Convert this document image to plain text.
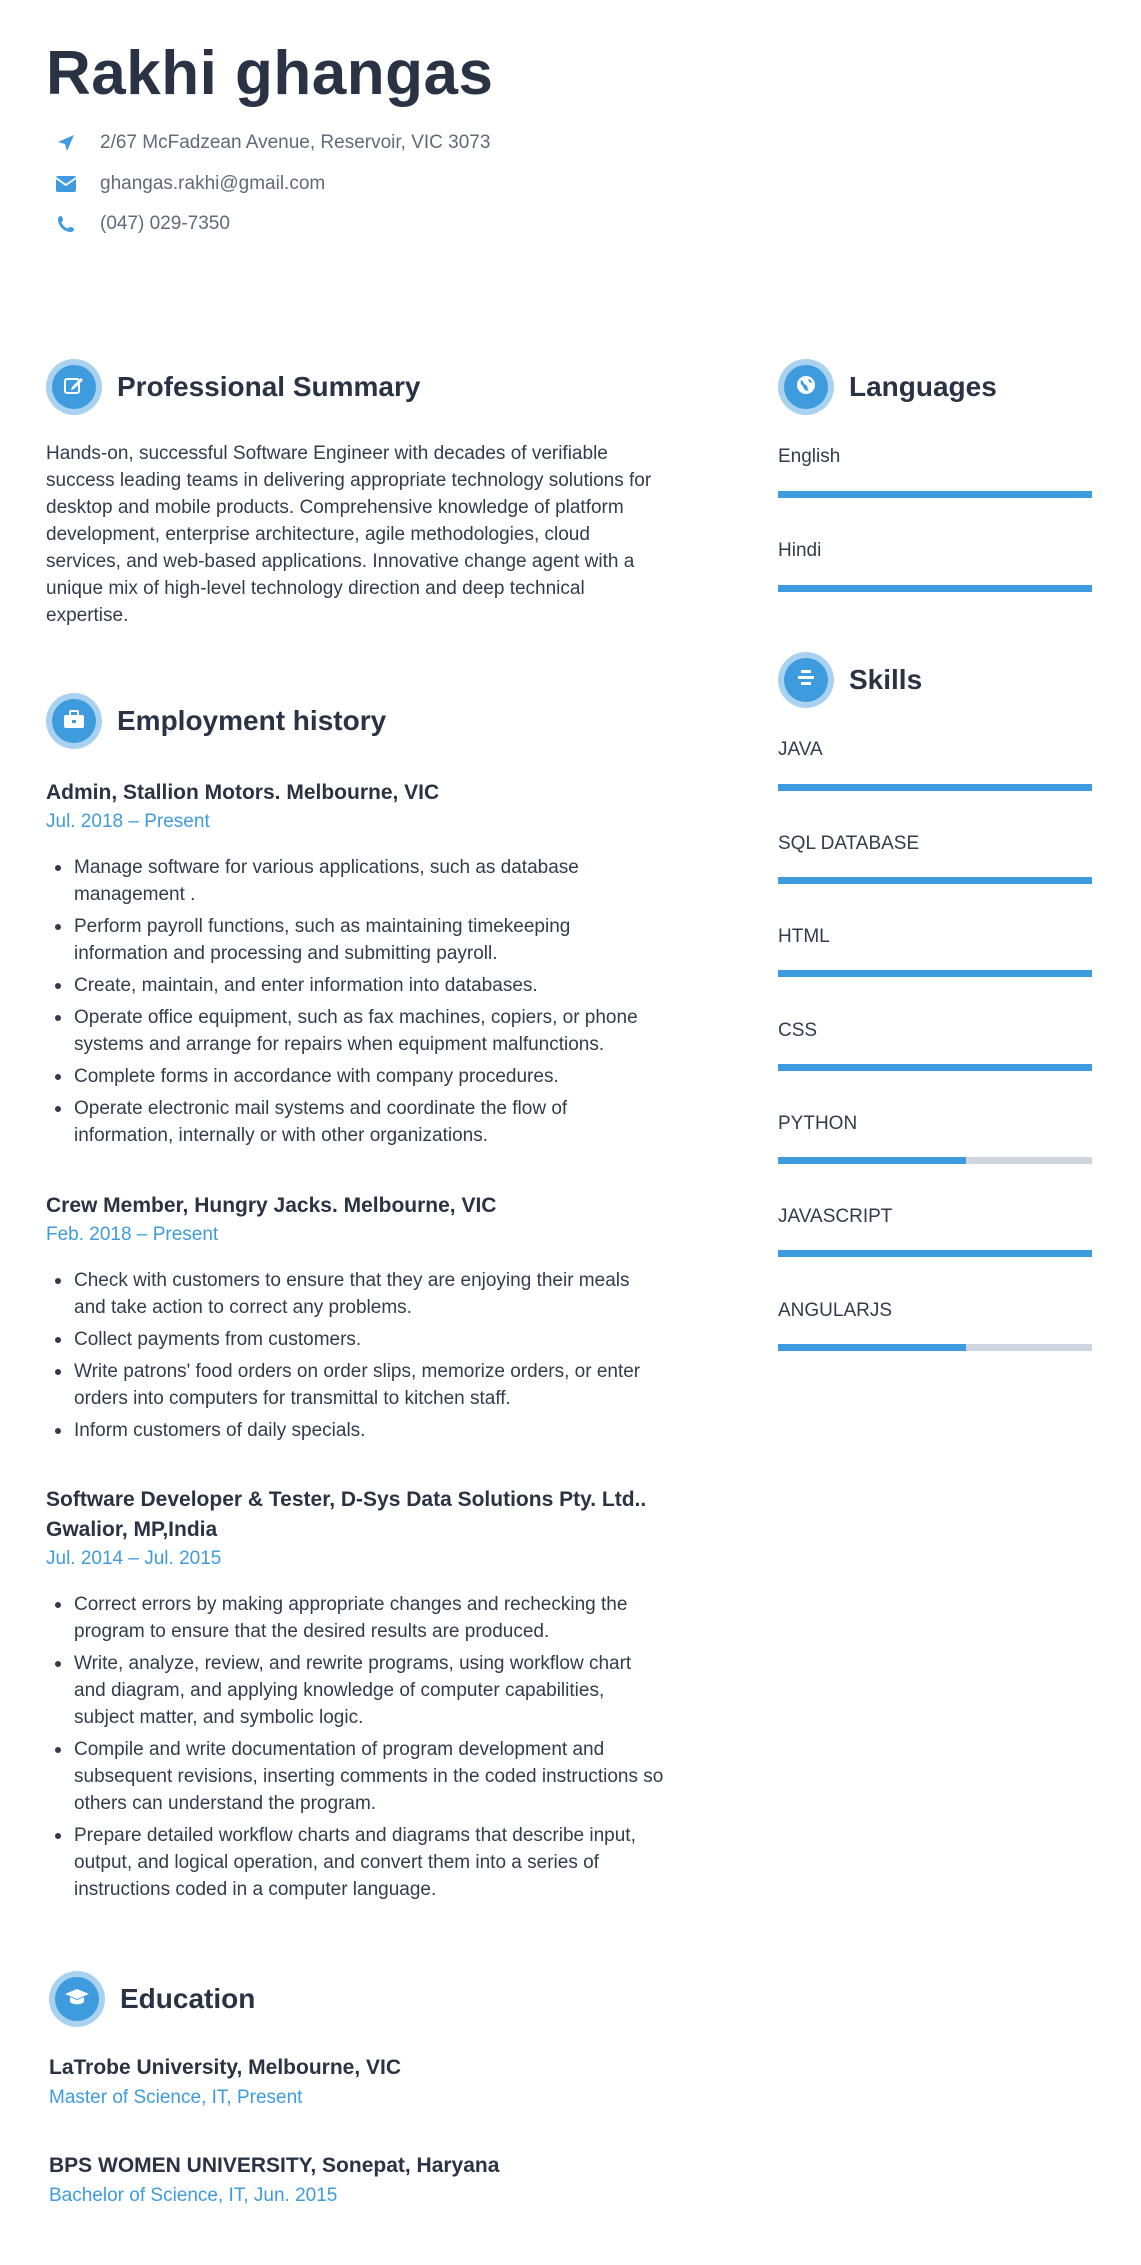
Rakhi ghangas
2/67 McFadzean Avenue, Reservoir, VIC 3073
ghangas.rakhi@gmail.com
(047) 029-7350
Professional Summary
Hands-on, successful Software Engineer with decades of verifiable success leading teams in delivering appropriate technology solutions for desktop and mobile products. Comprehensive knowledge of platform development, enterprise architecture, agile methodologies, cloud services, and web-based applications. Innovative change agent with a unique mix of high-level technology direction and deep technical expertise.
Employment history
Admin, Stallion Motors. Melbourne, VIC
Jul. 2018 – Present
Manage software for various applications, such as database management .
Perform payroll functions, such as maintaining timekeeping information and processing and submitting payroll.
Create, maintain, and enter information into databases.
Operate office equipment, such as fax machines, copiers, or phone systems and arrange for repairs when equipment malfunctions.
Complete forms in accordance with company procedures.
Operate electronic mail systems and coordinate the flow of information, internally or with other organizations.
Crew Member, Hungry Jacks. Melbourne, VIC
Feb. 2018 – Present
Check with customers to ensure that they are enjoying their meals and take action to correct any problems.
Collect payments from customers.
Write patrons' food orders on order slips, memorize orders, or enter orders into computers for transmittal to kitchen staff.
Inform customers of daily specials.
Software Developer & Tester, D-Sys Data Solutions Pty. Ltd.. Gwalior, MP,India
Jul. 2014 – Jul. 2015
Correct errors by making appropriate changes and rechecking the program to ensure that the desired results are produced.
Write, analyze, review, and rewrite programs, using workflow chart and diagram, and applying knowledge of computer capabilities, subject matter, and symbolic logic.
Compile and write documentation of program development and subsequent revisions, inserting comments in the coded instructions so others can understand the program.
Prepare detailed workflow charts and diagrams that describe input, output, and logical operation, and convert them into a series of instructions coded in a computer language.
Education
LaTrobe University, Melbourne, VIC
Master of Science, IT, Present
BPS WOMEN UNIVERSITY, Sonepat, Haryana
Bachelor of Science, IT, Jun. 2015
Languages
English
Hindi
Skills
JAVA
SQL DATABASE
HTML
CSS
PYTHON
JAVASCRIPT
ANGULARJS
